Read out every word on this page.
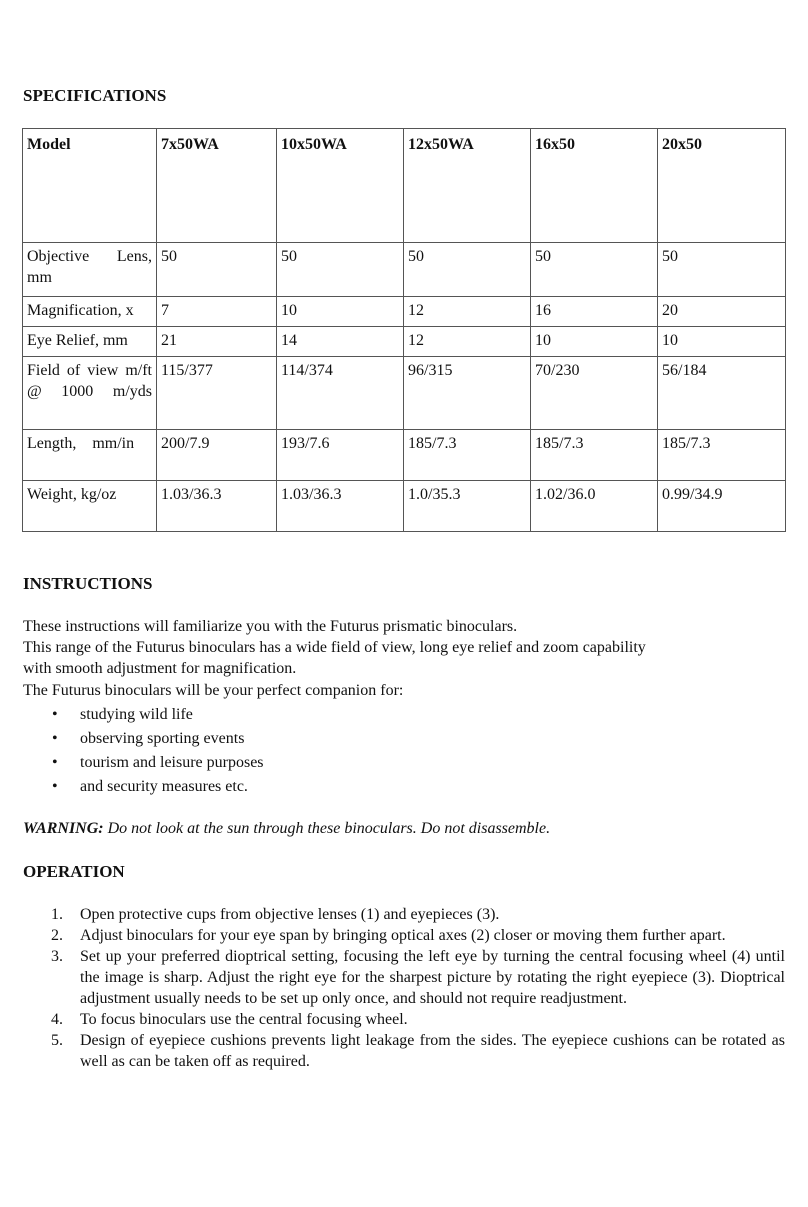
SPECIFICATIONS
Model	7x50WA	10x50WA	12x50WA	16x50	20x50
Objective Lens, mm	50	50	50	50	50
Magnification, x	7	10	12	16	20
Eye Relief, mm	21	14	12	10	10
Field of view m/ft @ 1000 m/yds	115/377	114/374	96/315	70/230	56/184
Length,    mm/in	200/7.9	193/7.6	185/7.3	185/7.3	185/7.3
Weight, kg/oz	1.03/36.3	1.03/36.3	1.0/35.3	1.02/36.0	0.99/34.9
INSTRUCTIONS

These instructions will familiarize you with the Futurus prismatic binoculars.

This range of the Futurus binoculars has a wide field of view, long eye relief and zoom capability with smooth adjustment for magnification.

The Futurus binoculars will be your perfect companion for:

• studying wild life
• observing sporting events
• tourism and leisure purposes
• and security measures etc.

WARNING: Do not look at the sun through these binoculars. Do not disassemble.

OPERATION
1. Open protective cups from objective lenses (1) and eyepieces (3).
2. Adjust binoculars for your eye span by bringing optical axes (2) closer or moving them further apart.
3. Set up your preferred dioptrical setting, focusing the left eye by turning the central focusing wheel (4) until the image is sharp. Adjust the right eye for the sharpest picture by rotating the right eyepiece (3). Dioptrical adjustment usually needs to be set up only once, and should not require readjustment.
4. To focus binoculars use the central focusing wheel.
5. Design of eyepiece cushions prevents light leakage from the sides. The eyepiece cushions can be rotated as well as can be taken off as required.
